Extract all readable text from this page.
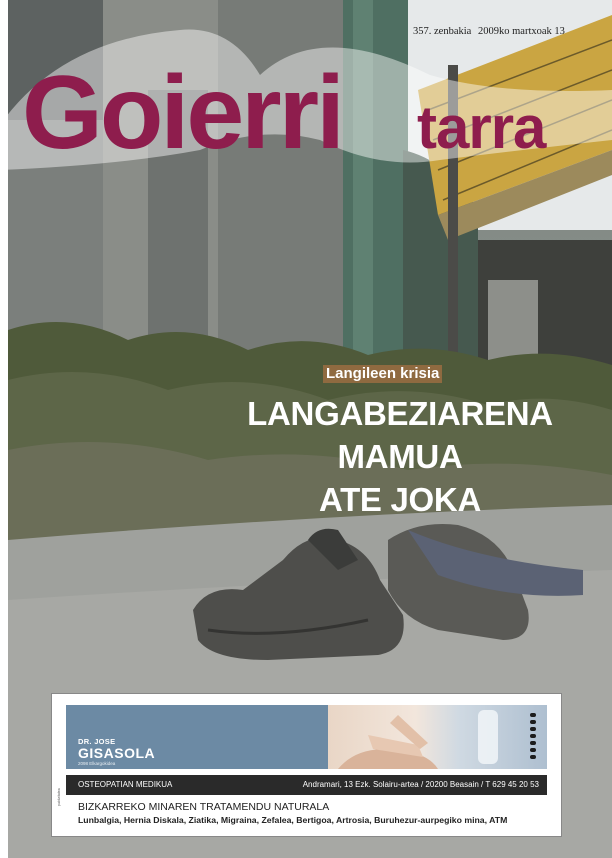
Goierri tarra
357. zenbakia 2009ko martxoak 13
Langileen krisia
LANGABEZIARENA
MAMUA
ATE JOKA
publizitatea
DR. JOSE
GISASOLA
2098 Elkargokidea
OSTEOPATIAN MEDIKUA	Andramari, 13 Ezk. Solairu-artea / 20200 Beasain / T 629 45 20 53
BIZKARREKO MINAREN TRATAMENDU NATURALA
Lunbalgia, Hernia Diskala, Ziatika, Migraina, Zefalea, Bertigoa, Artrosia, Buruhezur-aurpegiko mina, ATM
